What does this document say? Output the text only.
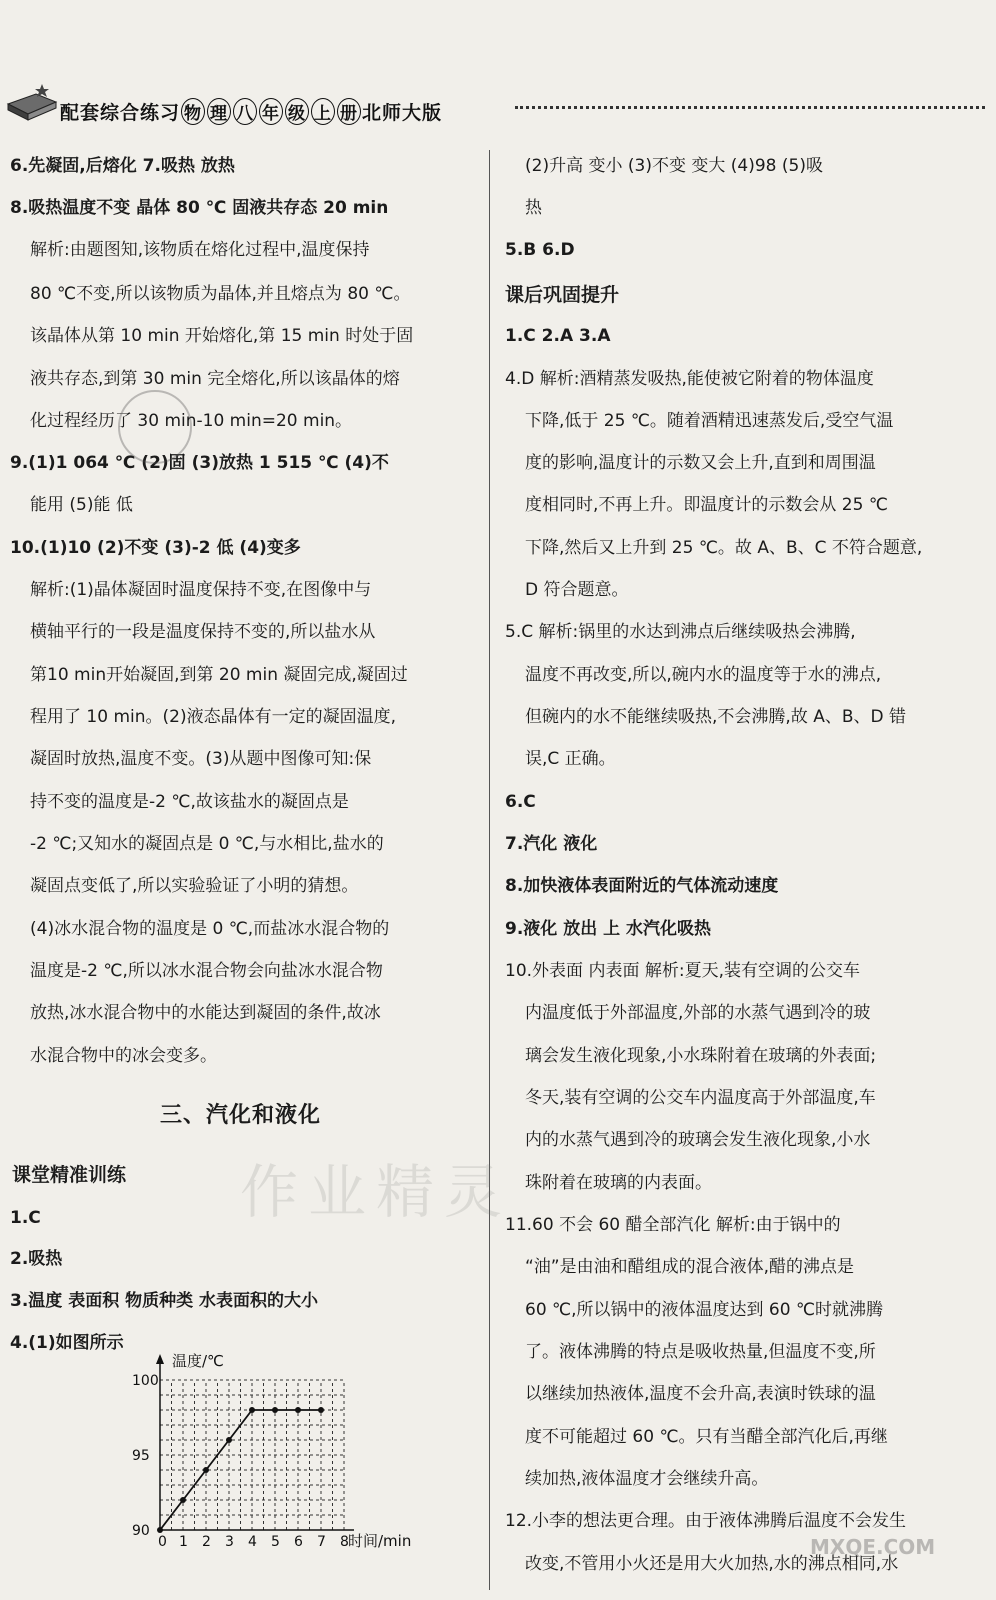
配套综合练习 物 理 八 年 级 上 册 北师大版
6.先凝固,后熔化 7.吸热 放热
8.吸热温度不变 晶体 80 ℃ 固液共存态 20 min
解析:由题图知,该物质在熔化过程中,温度保持
80 ℃不变,所以该物质为晶体,并且熔点为 80 ℃。
该晶体从第 10 min 开始熔化,第 15 min 时处于固
液共存态,到第 30 min 完全熔化,所以该晶体的熔
化过程经历了 30 min-10 min=20 min。
9.(1)1 064 ℃ (2)固 (3)放热 1 515 ℃ (4)不
能用 (5)能 低
10.(1)10 (2)不变 (3)-2 低 (4)变多
解析:(1)晶体凝固时温度保持不变,在图像中与
横轴平行的一段是温度保持不变的,所以盐水从
第10 min开始凝固,到第 20 min 凝固完成,凝固过
程用了 10 min。(2)液态晶体有一定的凝固温度,
凝固时放热,温度不变。(3)从题中图像可知:保
持不变的温度是-2 ℃,故该盐水的凝固点是
-2 ℃;又知水的凝固点是 0 ℃,与水相比,盐水的
凝固点变低了,所以实验验证了小明的猜想。
(4)冰水混合物的温度是 0 ℃,而盐冰水混合物的
温度是-2 ℃,所以冰水混合物会向盐冰水混合物
放热,冰水混合物中的水能达到凝固的条件,故冰
水混合物中的冰会变多。
三、汽化和液化
课堂精准训练
1.C
2.吸热
3.温度 表面积 物质种类 水表面积的大小
4.(1)如图所示
作业精灵
0 1 2 3 4 5 6 7 8
90
95
100
温度/℃
时间/min
(2)升高 变小 (3)不变 变大 (4)98 (5)吸
热
5.B 6.D
课后巩固提升
1.C 2.A 3.A
4.D 解析:酒精蒸发吸热,能使被它附着的物体温度
下降,低于 25 ℃。随着酒精迅速蒸发后,受空气温
度的影响,温度计的示数又会上升,直到和周围温
度相同时,不再上升。即温度计的示数会从 25 ℃
下降,然后又上升到 25 ℃。故 A、B、C 不符合题意,
D 符合题意。
5.C 解析:锅里的水达到沸点后继续吸热会沸腾,
温度不再改变,所以,碗内水的温度等于水的沸点,
但碗内的水不能继续吸热,不会沸腾,故 A、B、D 错
误,C 正确。
6.C
7.汽化 液化
8.加快液体表面附近的气体流动速度
9.液化 放出 上 水汽化吸热
10.外表面 内表面 解析:夏天,装有空调的公交车
内温度低于外部温度,外部的水蒸气遇到冷的玻
璃会发生液化现象,小水珠附着在玻璃的外表面;
冬天,装有空调的公交车内温度高于外部温度,车
内的水蒸气遇到冷的玻璃会发生液化现象,小水
珠附着在玻璃的内表面。
11.60 不会 60 醋全部汽化 解析:由于锅中的
“油”是由油和醋组成的混合液体,醋的沸点是
60 ℃,所以锅中的液体温度达到 60 ℃时就沸腾
了。液体沸腾的特点是吸收热量,但温度不变,所
以继续加热液体,温度不会升高,表演时铁球的温
度不可能超过 60 ℃。只有当醋全部汽化后,再继
续加热,液体温度才会继续升高。
12.小李的想法更合理。由于液体沸腾后温度不会发生
改变,不管用小火还是用大火加热,水的沸点相同,水
MXQE.COM
